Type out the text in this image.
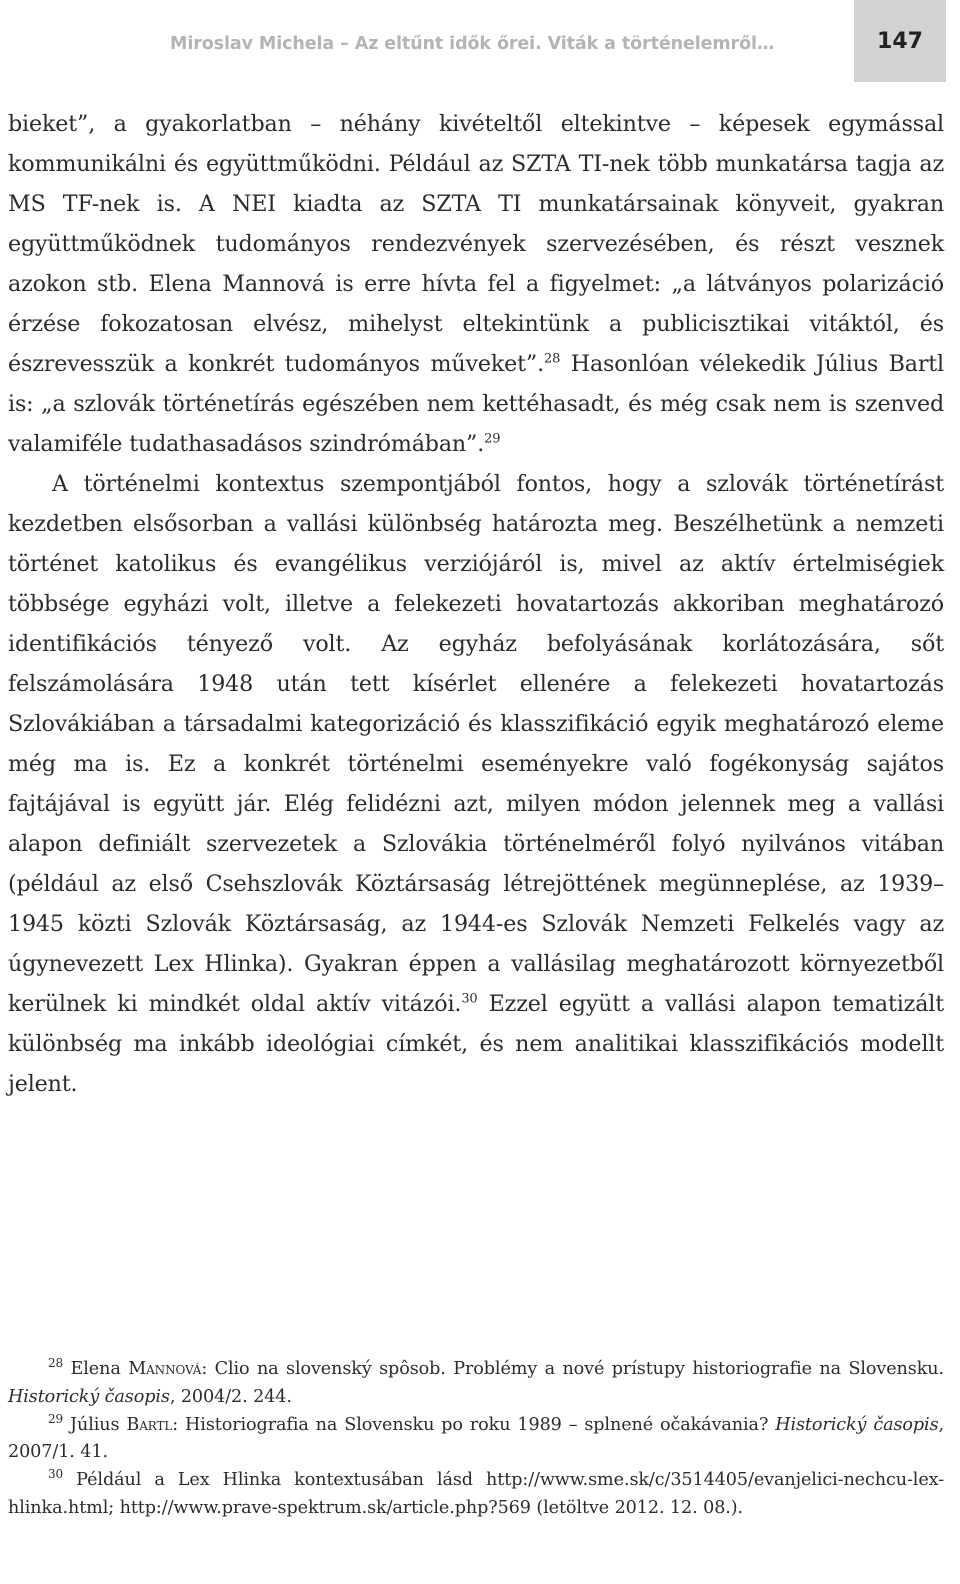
Miroslav Michela – Az eltűnt idők őrei. Viták a történelemről…	147

bieket”, a gyakorlatban – néhány kivételtől eltekintve – képesek egymással kommunikálni és együttműködni. Például az SZTA TI-nek több munkatársa tagja az MS TF-nek is. A NEI kiadta az SZTA TI munkatársainak könyveit, gyakran együttműködnek tudományos rendezvények szervezésében, és részt vesznek azokon stb. Elena Mannová is erre hívta fel a figyelmet: „a látványos polarizáció érzése fokozatosan elvész, mihelyst eltekintünk a publicisztikai vitáktól, és észrevesszük a konkrét tudományos műveket”.$^{28}$ Hasonlóan vélekedik Július Bartl is: „a szlovák történetírás egészében nem kettéhasadt, és még csak nem is szenved valamiféle tudathasadásos szindrómában”.$^{29}$

A történelmi kontextus szempontjából fontos, hogy a szlovák történetírást kezdetben elsősorban a vallási különbség határozta meg. Beszélhetünk a nemzeti történet katolikus és evangélikus verziójáról is, mivel az aktív értelmiségiek többsége egyházi volt, illetve a felekezeti hovatartozás akkoriban meghatározó identifikációs tényező volt. Az egyház befolyásának korlátozására, sőt felszámolására 1948 után tett kísérlet ellenére a felekezeti hovatartozás Szlovákiában a társadalmi kategorizáció és klasszifikáció egyik meghatározó eleme még ma is. Ez a konkrét történelmi eseményekre való fogékonyság sajátos fajtájával is együtt jár. Elég felidézni azt, milyen módon jelennek meg a vallási alapon definiált szervezetek a Szlovákia történelméről folyó nyilvános vitában (például az első Csehszlovák Köztársaság létrejöttének megünneplése, az 1939–1945 közti Szlovák Köztársaság, az 1944-es Szlovák Nemzeti Felkelés vagy az úgynevezett Lex Hlinka). Gyakran éppen a vallásilag meghatározott környezetből kerülnek ki mindkét oldal aktív vitázói.$^{30}$ Ezzel együtt a vallási alapon tematizált különbség ma inkább ideológiai címkét, és nem analitikai klasszifikációs modellt jelent.

$^{28}$ Elena Mannová: Clio na slovenský spôsob. Problémy a nové prístupy historiografie na Slovensku. Historický časopis, 2004/2. 244.

$^{29}$ Július Bartl: Historiografia na Slovensku po roku 1989 – splnené očakávania? Historický časopis, 2007/1. 41.

$^{30}$ Például a Lex Hlinka kontextusában lásd http://www.sme.sk/c/3514405/evanjelici-nechcu-lex-hlinka.html; http://www.prave-spektrum.sk/article.php?569 (letöltve 2012. 12. 08.).
